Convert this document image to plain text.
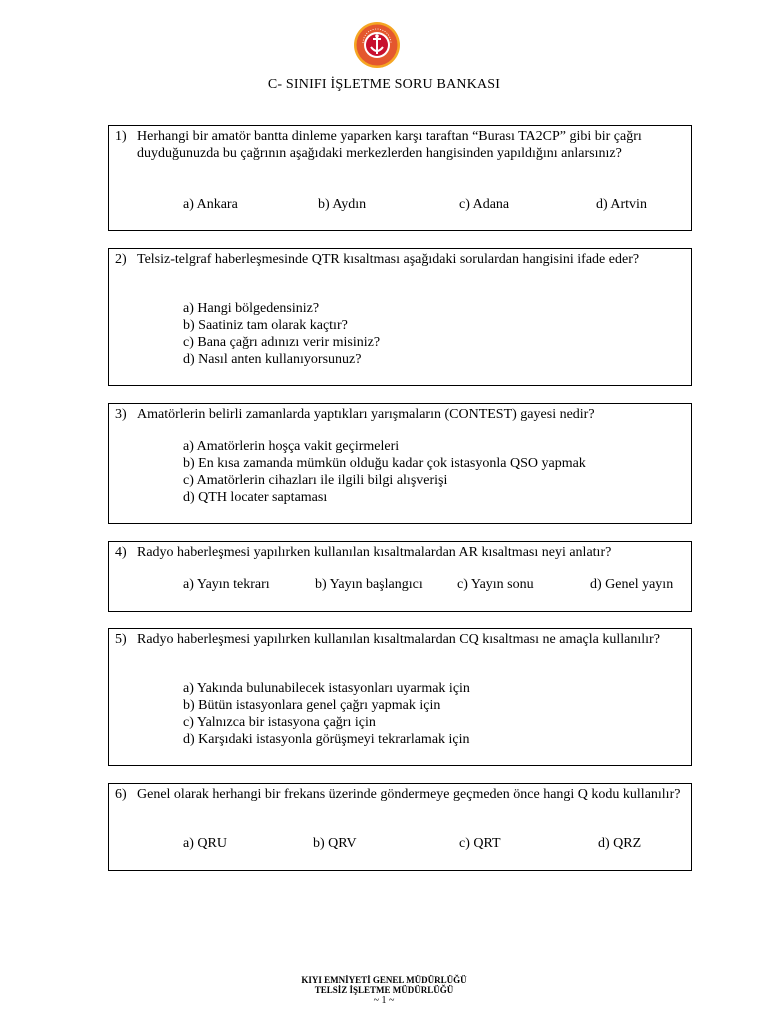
C- SINIFI İŞLETME SORU BANKASI
1) Herhangi bir amatör bantta dinleme yaparken karşı taraftan “Burası TA2CP” gibi bir çağrı duyduğunuzda bu çağrının aşağıdaki merkezlerden hangisinden yapıldığını anlarsınız?
a) Ankara	b) Aydın	c) Adana	d) Artvin
2) Telsiz-telgraf haberleşmesinde QTR kısaltması aşağıdaki sorulardan hangisini ifade eder?
a) Hangi bölgedensiniz?
b) Saatiniz tam olarak kaçtır?
c) Bana çağrı adınızı verir misiniz?
d) Nasıl anten kullanıyorsunuz?
3) Amatörlerin belirli zamanlarda yaptıkları yarışmaların (CONTEST) gayesi nedir?
a) Amatörlerin hoşça vakit geçirmeleri
b) En kısa zamanda mümkün olduğu kadar çok istasyonla QSO yapmak
c) Amatörlerin cihazları ile ilgili bilgi alışverişi
d) QTH locater saptaması
4) Radyo haberleşmesi yapılırken kullanılan kısaltmalardan AR kısaltması neyi anlatır?
a) Yayın tekrarı	b) Yayın başlangıcı c) Yayın sonu	d) Genel yayın
5) Radyo haberleşmesi yapılırken kullanılan kısaltmalardan CQ kısaltması ne amaçla kullanılır?
a) Yakında bulunabilecek istasyonları uyarmak için
b) Bütün istasyonlara genel çağrı yapmak için
c) Yalnızca bir istasyona çağrı için
d) Karşıdaki istasyonla görüşmeyi tekrarlamak için
6) Genel olarak herhangi bir frekans üzerinde göndermeye geçmeden önce hangi Q kodu kullanılır?
a) QRU	b) QRV	c) QRT	d) QRZ
KIYI EMNİYETİ GENEL MÜDÜRLÜĞÜ
TELSİZ İŞLETME MÜDÜRLÜĞÜ
~ 1 ~
